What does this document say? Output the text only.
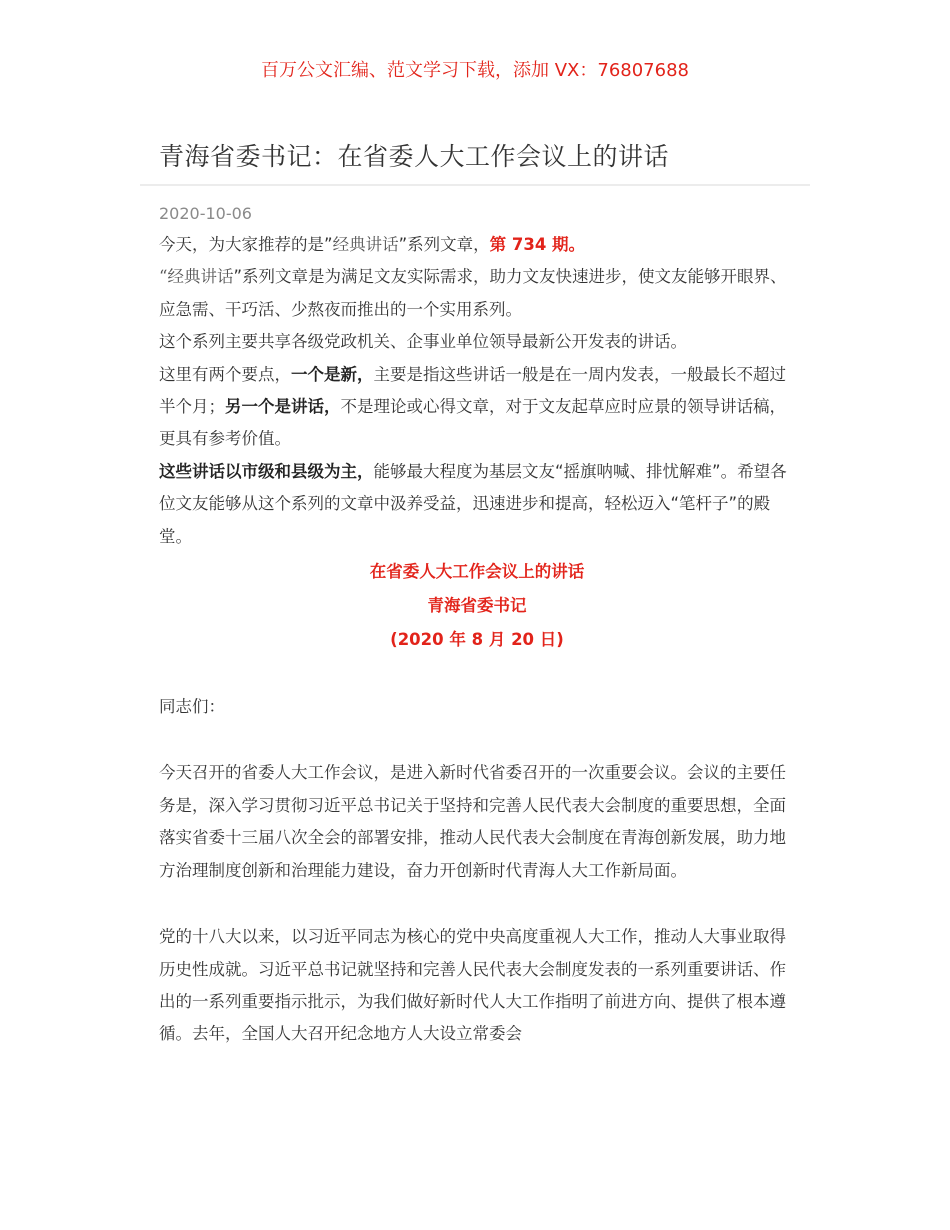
百万公文汇编、范文学习下载，添加 VX：76807688
青海省委书记：在省委人大工作会议上的讲话
2020-10-06

今天，为大家推荐的是”经典讲话”系列文章，第 734 期。

“经典讲话”系列文章是为满足文友实际需求，助力文友快速进步，使文友能够开眼界、应急需、干巧活、少熬夜而推出的一个实用系列。

这个系列主要共享各级党政机关、企事业单位领导最新公开发表的讲话。

这里有两个要点，一个是新，主要是指这些讲话一般是在一周内发表，一般最长不超过半个月；另一个是讲话，不是理论或心得文章，对于文友起草应时应景的领导讲话稿，更具有参考价值。

这些讲话以市级和县级为主，能够最大程度为基层文友“摇旗呐喊、排忧解难”。希望各位文友能够从这个系列的文章中汲养受益，迅速进步和提高，轻松迈入“笔杆子”的殿堂。

在省委人大工作会议上的讲话

青海省委书记

(2020 年 8 月 20 日)

同志们：

今天召开的省委人大工作会议，是进入新时代省委召开的一次重要会议。会议的主要任务是，深入学习贯彻习近平总书记关于坚持和完善人民代表大会制度的重要思想，全面落实省委十三届八次全会的部署安排，推动人民代表大会制度在青海创新发展，助力地方治理制度创新和治理能力建设，奋力开创新时代青海人大工作新局面。

党的十八大以来，以习近平同志为核心的党中央高度重视人大工作，推动人大事业取得历史性成就。习近平总书记就坚持和完善人民代表大会制度发表的一系列重要讲话、作出的一系列重要指示批示，为我们做好新时代人大工作指明了前进方向、提供了根本遵循。去年，全国人大召开纪念地方人大设立常委会
